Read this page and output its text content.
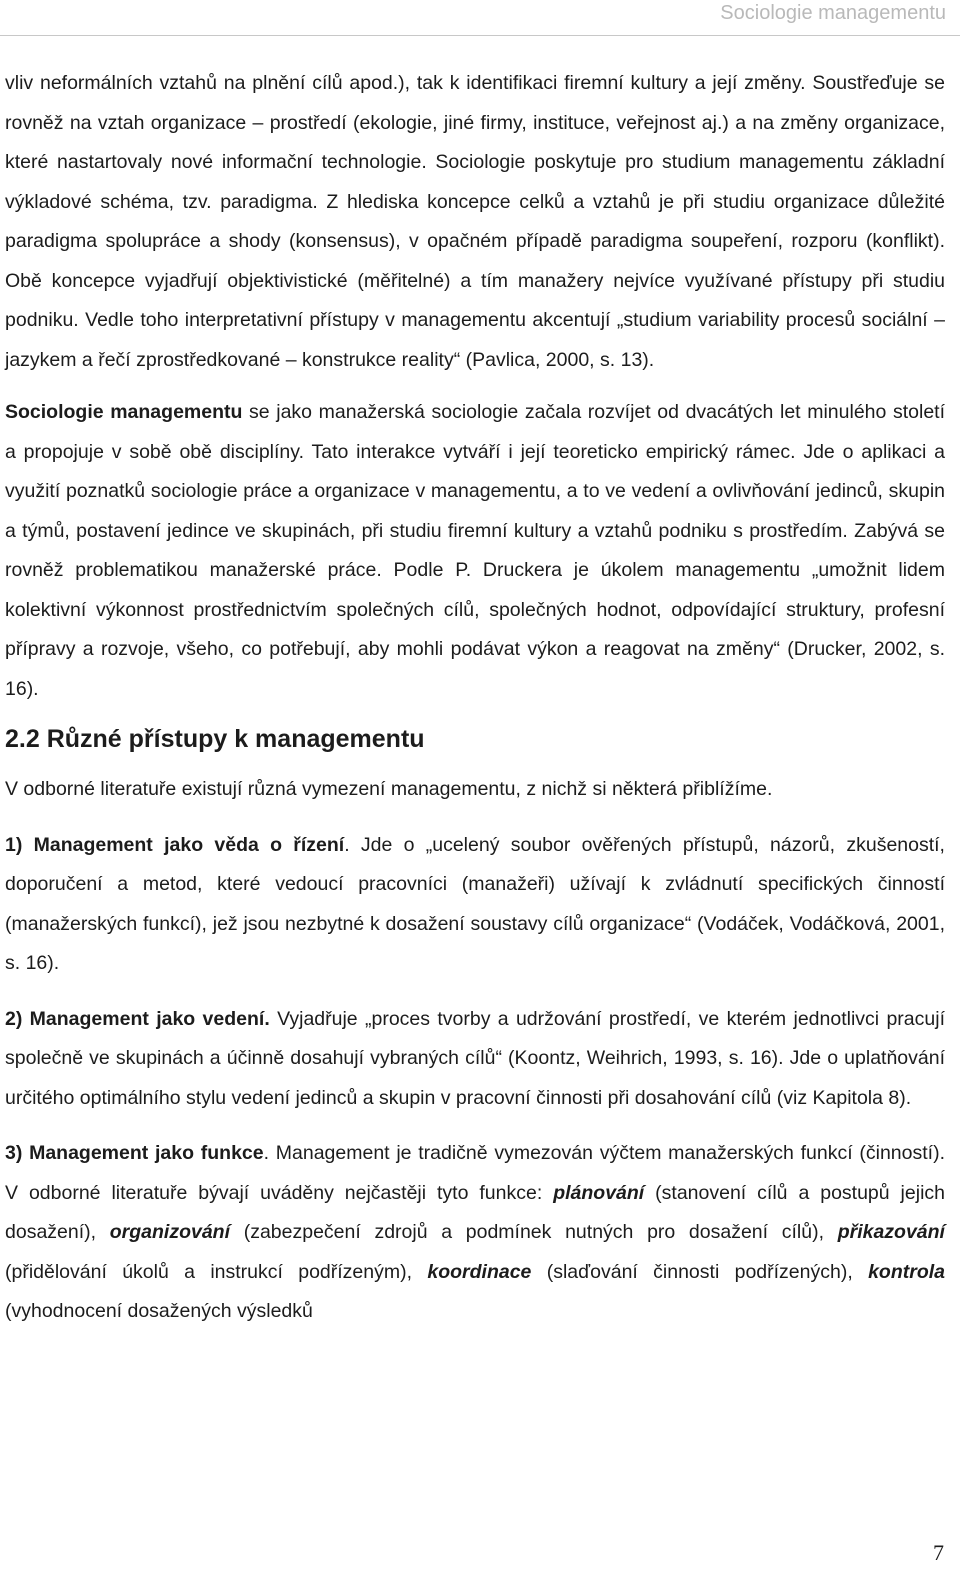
Sociologie managementu

vliv neformálních vztahů na plnění cílů apod.), tak k identifikaci firemní kultury a její změny. Soustřeďuje se rovněž na vztah organizace – prostředí (ekologie, jiné firmy, instituce, veřejnost aj.) a na změny organizace, které nastartovaly nové informační technologie. Sociologie poskytuje pro studium managementu základní výkladové schéma, tzv. paradigma. Z hlediska koncepce celků a vztahů je při studiu organizace důležité paradigma spolupráce a shody (konsensus), v opačném případě paradigma soupeření, rozporu (konflikt). Obě koncepce vyjadřují objektivistické (měřitelné) a tím manažery nejvíce využívané přístupy při studiu podniku. Vedle toho interpretativní přístupy v managementu akcentují „studium variability procesů sociální – jazykem a řečí zprostředkované – konstrukce reality“ (Pavlica, 2000, s. 13).

Sociologie managementu se jako manažerská sociologie začala rozvíjet od dvacátých let minulého století a propojuje v sobě obě disciplíny. Tato interakce vytváří i její teoreticko empirický rámec. Jde o aplikaci a využití poznatků sociologie práce a organizace v managementu, a to ve vedení a ovlivňování jedinců, skupin a týmů, postavení jedince ve skupinách, při studiu firemní kultury a vztahů podniku s prostředím. Zabývá se rovněž problematikou manažerské práce. Podle P. Druckera je úkolem managementu „umožnit lidem kolektivní výkonnost prostřednictvím společných cílů, společných hodnot, odpovídající struktury, profesní přípravy a rozvoje, všeho, co potřebují, aby mohli podávat výkon a reagovat na změny“ (Drucker, 2002, s. 16).

2.2 Různé přístupy k managementu

V odborné literatuře existují různá vymezení managementu, z nichž si některá přiblížíme.

1) Management jako věda o řízení. Jde o „ucelený soubor ověřených přístupů, názorů, zkušeností, doporučení a metod, které vedoucí pracovníci (manažeři) užívají k zvládnutí specifických činností (manažerských funkcí), jež jsou nezbytné k dosažení soustavy cílů organizace“ (Vodáček, Vodáčková, 2001, s. 16).

2) Management jako vedení. Vyjadřuje „proces tvorby a udržování prostředí, ve kterém jednotlivci pracují společně ve skupinách a účinně dosahují vybraných cílů“ (Koontz, Weihrich, 1993, s. 16). Jde o uplatňování určitého optimálního stylu vedení jedinců a skupin v pracovní činnosti při dosahování cílů (viz Kapitola 8).

3) Management jako funkce. Management je tradičně vymezován výčtem manažerských funkcí (činností). V odborné literatuře bývají uváděny nejčastěji tyto funkce: plánování (stanovení cílů a postupů jejich dosažení), organizování (zabezpečení zdrojů a podmínek nutných pro dosažení cílů), přikazování (přidělování úkolů a instrukcí podřízeným), koordinace (slaďování činnosti podřízených), kontrola (vyhodnocení dosažených výsledků

7
